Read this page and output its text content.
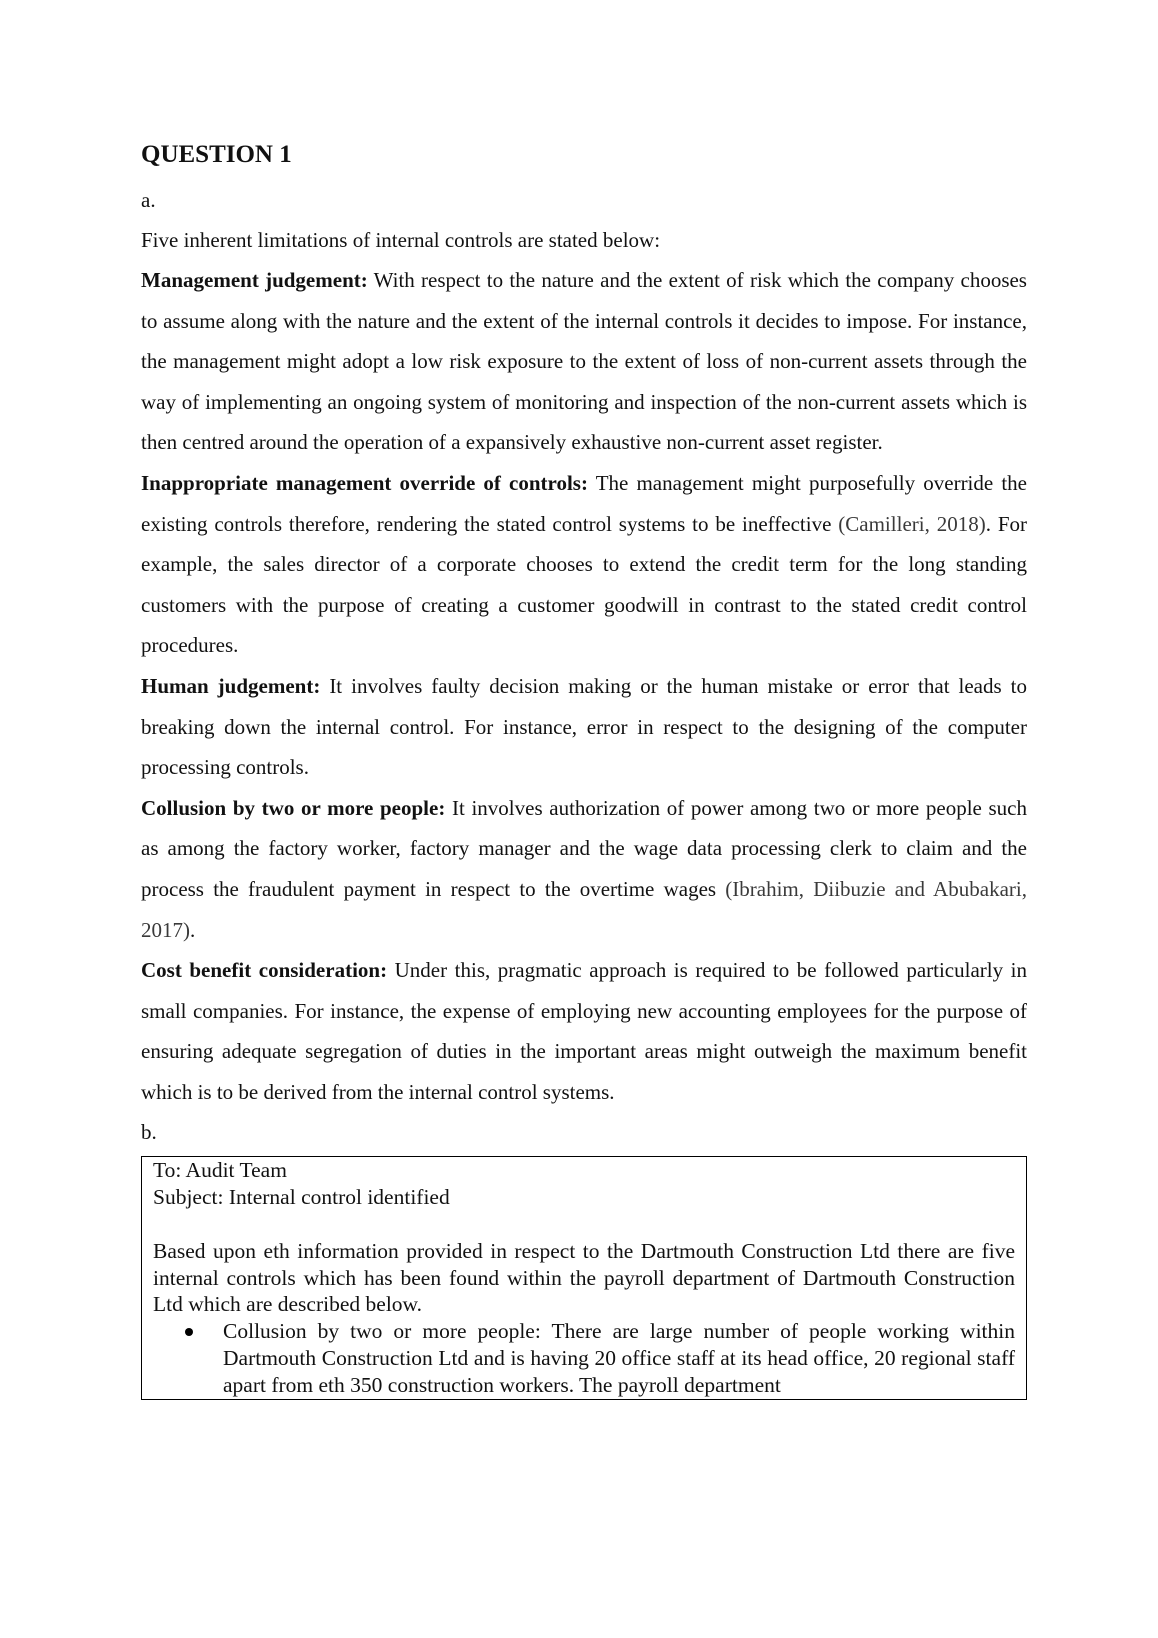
QUESTION 1

a.

Five inherent limitations of internal controls are stated below:

Management judgement: With respect to the nature and the extent of risk which the company chooses to assume along with the nature and the extent of the internal controls it decides to impose. For instance, the management might adopt a low risk exposure to the extent of loss of non-current assets through the way of implementing an ongoing system of monitoring and inspection of the non-current assets which is then centred around the operation of a expansively exhaustive non-current asset register.

Inappropriate management override of controls: The management might purposefully override the existing controls therefore, rendering the stated control systems to be ineffective (Camilleri, 2018). For example, the sales director of a corporate chooses to extend the credit term for the long standing customers with the purpose of creating a customer goodwill in contrast to the stated credit control procedures.

Human judgement: It involves faulty decision making or the human mistake or error that leads to breaking down the internal control. For instance, error in respect to the designing of the computer processing controls.

Collusion by two or more people: It involves authorization of power among two or more people such as among the factory worker, factory manager and the wage data processing clerk to claim and the process the fraudulent payment in respect to the overtime wages (Ibrahim, Diibuzie and Abubakari, 2017).

Cost benefit consideration: Under this, pragmatic approach is required to be followed particularly in small companies. For instance, the expense of employing new accounting employees for the purpose of ensuring adequate segregation of duties in the important areas might outweigh the maximum benefit which is to be derived from the internal control systems.

b.

To: Audit Team
Subject: Internal control identified
Based upon eth information provided in respect to the Dartmouth Construction Ltd there are five internal controls which has been found within the payroll department of Dartmouth Construction Ltd which are described below.
Collusion by two or more people: There are large number of people working within Dartmouth Construction Ltd and is having 20 office staff at its head office, 20 regional staff apart from eth 350 construction workers. The payroll department
